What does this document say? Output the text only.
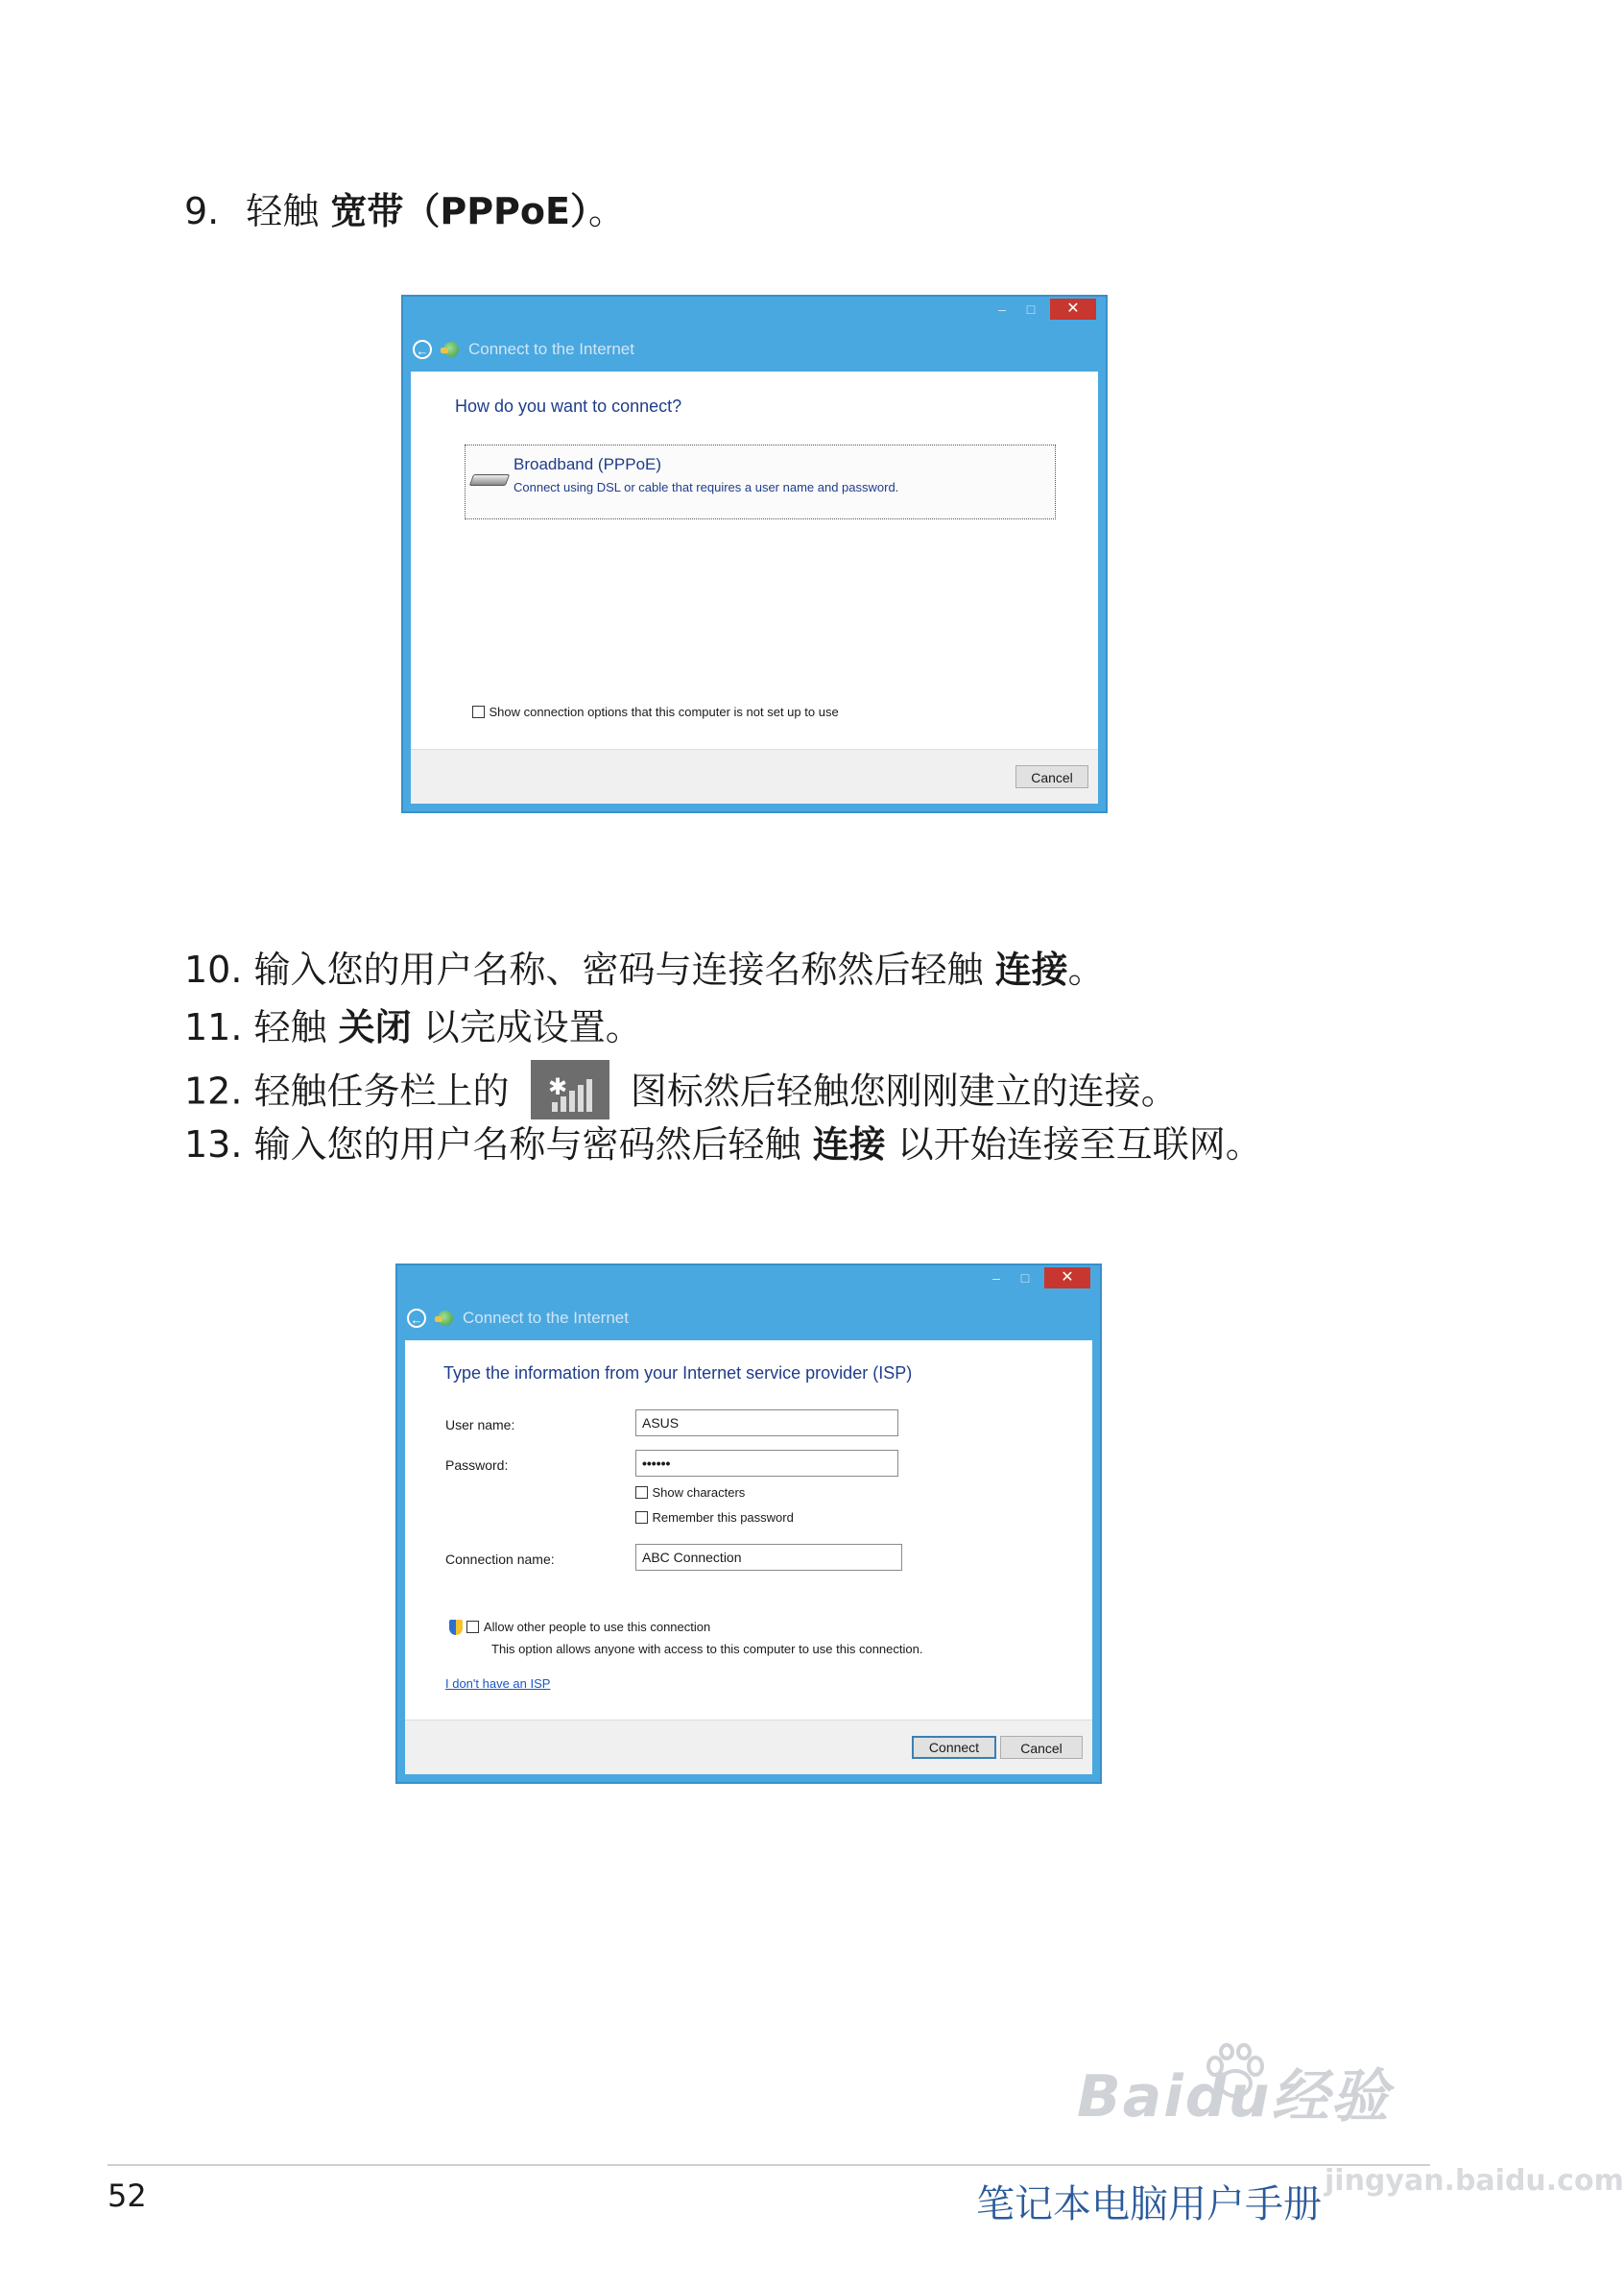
9. 轻触 宽带（PPPoE）。
–	□	✕
← Connect to the Internet
How do you want to connect?
Broadband (PPPoE)
Connect using DSL or cable that requires a user name and password.
Show connection options that this computer is not set up to use
Cancel
10. 输入您的用户名称、密码与连接名称然后轻触 连接。
11. 轻触 关闭 以完成设置。
12. 轻触任务栏上的 ✱ 图标然后轻触您刚刚建立的连接。
13. 输入您的用户名称与密码然后轻触 连接 以开始连接至互联网。
–	□	✕
← Connect to the Internet
Type the information from your Internet service provider (ISP)
User name:	ASUS
Password:	••••••
Show characters
Remember this password
Connection name:	ABC Connection
Allow other people to use this connection
This option allows anyone with access to this computer to use this connection.
I don't have an ISP
Connect	Cancel
52	笔记本电脑用户手册
Baidu经验
jingyan.baidu.com
